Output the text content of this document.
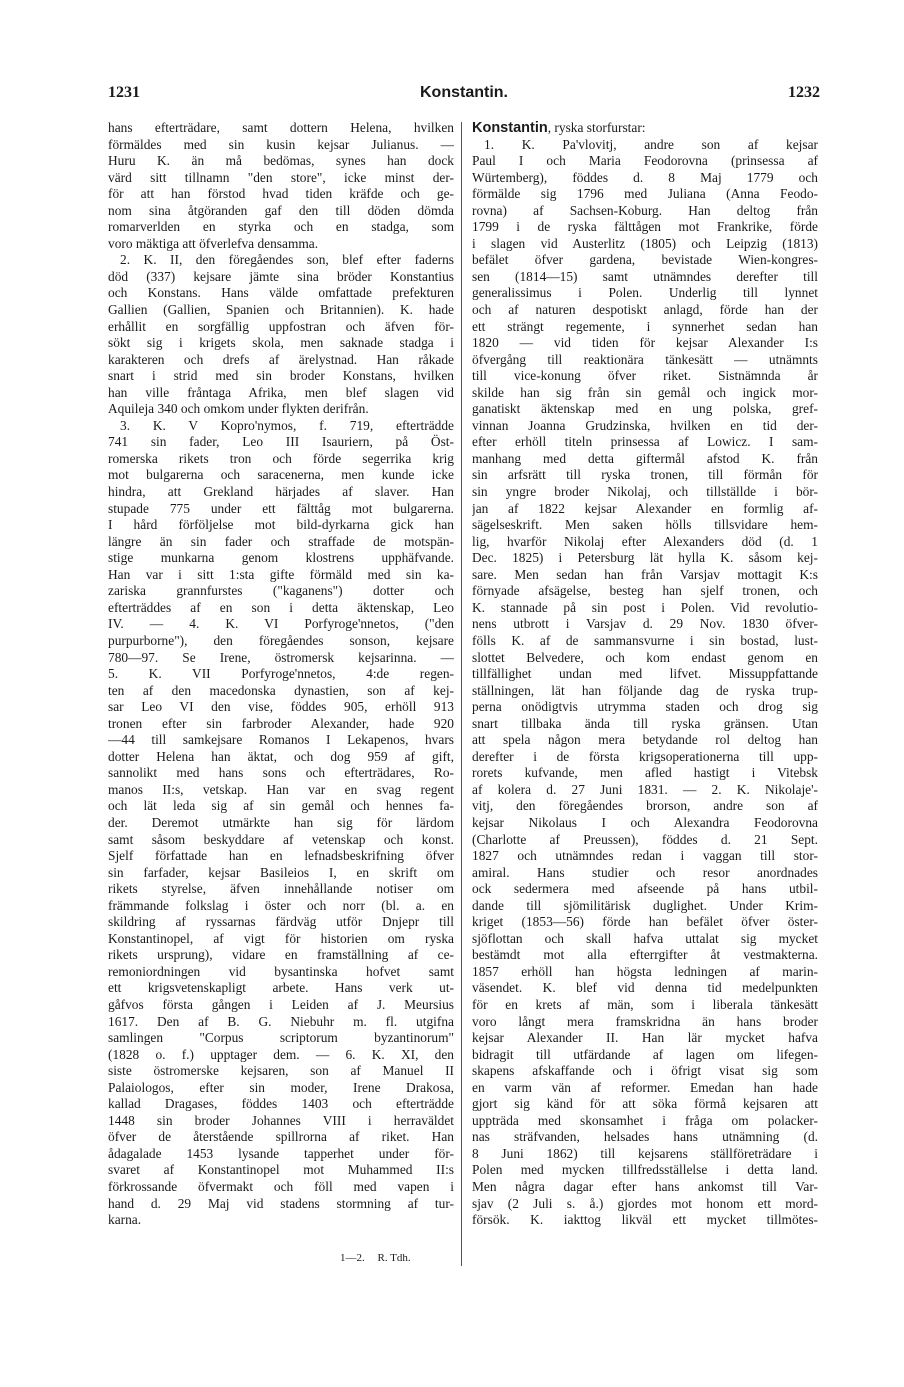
1231	Konstantin.	1232
hans efterträdare, samt dottern Helena, hvilken
förmäldes med sin kusin kejsar Julianus. —
Huru K. än må bedömas, synes han dock
värd sitt tillnamn "den store", icke minst der-
för att han förstod hvad tiden kräfde och ge-
nom sina åtgöranden gaf den till döden dömda
romarverlden en styrka och en stadga, som
voro mäktiga att öfverlefva densamma.
2. K. II, den föregåendes son, blef efter faderns
död (337) kejsare jämte sina bröder Konstantius
och Konstans. Hans välde omfattade prefekturen
Gallien (Gallien, Spanien och Britannien). K. hade
erhållit en sorgfällig uppfostran och äfven för-
sökt sig i krigets skola, men saknade stadga i
karakteren och drefs af ärelystnad. Han råkade
snart i strid med sin broder Konstans, hvilken
han ville fråntaga Afrika, men blef slagen vid
Aquileja 340 och omkom under flykten derifrån.
3. K. V Kopro'nymos, f. 719, efterträdde
741 sin fader, Leo III Isauriern, på Öst-
romerska rikets tron och förde segerrika krig
mot bulgarerna och saracenerna, men kunde icke
hindra, att Grekland härjades af slaver. Han
stupade 775 under ett fälttåg mot bulgarerna.
I hård förföljelse mot bild-dyrkarna gick han
längre än sin fader och straffade de motspän-
stige munkarna genom klostrens upphäfvande.
Han var i sitt 1:sta gifte förmäld med sin ka-
zariska grannfurstes ("kaganens") dotter och
efterträddes af en son i detta äktenskap, Leo
IV. — 4. K. VI Porfyroge'nnetos, ("den
purpurborne"), den föregåendes sonson, kejsare
780—97. Se Irene, östromersk kejsarinna. —
5. K. VII Porfyroge'nnetos, 4:de regen-
ten af den macedonska dynastien, son af kej-
sar Leo VI den vise, föddes 905, erhöll 913
tronen efter sin farbroder Alexander, hade 920
—44 till samkejsare Romanos I Lekapenos, hvars
dotter Helena han äktat, och dog 959 af gift,
sannolikt med hans sons och efterträdares, Ro-
manos II:s, vetskap. Han var en svag regent
och lät leda sig af sin gemål och hennes fa-
der. Deremot utmärkte han sig för lärdom
samt såsom beskyddare af vetenskap och konst.
Sjelf författade han en lefnadsbeskrifning öfver
sin farfader, kejsar Basileios I, en skrift om
rikets styrelse, äfven innehållande notiser om
främmande folkslag i öster och norr (bl. a. en
skildring af ryssarnas färdväg utför Dnjepr till
Konstantinopel, af vigt för historien om ryska
rikets ursprung), vidare en framställning af ce-
remoniordningen vid bysantinska hofvet samt
ett krigsvetenskapligt arbete. Hans verk ut-
gåfvos första gången i Leiden af J. Meursius
1617. Den af B. G. Niebuhr m. fl. utgifna
samlingen "Corpus scriptorum byzantinorum"
(1828 o. f.) upptager dem. — 6. K. XI, den
siste östromerske kejsaren, son af Manuel II
Palaiologos, efter sin moder, Irene Drakosa,
kallad Dragases, föddes 1403 och efterträdde
1448 sin broder Johannes VIII i herraväldet
öfver de återstående spillrorna af riket. Han
ådagalade 1453 lysande tapperhet under för-
svaret af Konstantinopel mot Muhammed II:s
förkrossande öfvermakt och föll med vapen i
hand d. 29 Maj vid stadens stormning af tur-
karna.
Konstantin, ryska storfurstar:
1. K. Pa'vlovitj, andre son af kejsar
Paul I och Maria Feodorovna (prinsessa af
Würtemberg), föddes d. 8 Maj 1779 och
förmälde sig 1796 med Juliana (Anna Feodo-
rovna) af Sachsen-Koburg. Han deltog från
1799 i de ryska fälttågen mot Frankrike, förde
i slagen vid Austerlitz (1805) och Leipzig (1813)
befälet öfver gardena, bevistade Wien-kongres-
sen (1814—15) samt utnämndes derefter till
generalissimus i Polen. Underlig till lynnet
och af naturen despotiskt anlagd, förde han der
ett strängt regemente, i synnerhet sedan han
1820 — vid tiden för kejsar Alexander I:s
öfvergång till reaktionära tänkesätt — utnämnts
till vice-konung öfver riket. Sistnämnda år
skilde han sig från sin gemål och ingick mor-
ganatiskt äktenskap med en ung polska, gref-
vinnan Joanna Grudzinska, hvilken en tid der-
efter erhöll titeln prinsessa af Lowicz. I sam-
manhang med detta giftermål afstod K. från
sin arfsrätt till ryska tronen, till förmån för
sin yngre broder Nikolaj, och tillställde i bör-
jan af 1822 kejsar Alexander en formlig af-
sägelseskrift. Men saken hölls tillsvidare hem-
lig, hvarför Nikolaj efter Alexanders död (d. 1
Dec. 1825) i Petersburg lät hylla K. såsom kej-
sare. Men sedan han från Varsjav mottagit K:s
förnyade afsägelse, besteg han sjelf tronen, och
K. stannade på sin post i Polen. Vid revolutio-
nens utbrott i Varsjav d. 29 Nov. 1830 öfver-
fölls K. af de sammansvurne i sin bostad, lust-
slottet Belvedere, och kom endast genom en
tillfällighet undan med lifvet. Missuppfattande
ställningen, lät han följande dag de ryska trup-
perna onödigtvis utrymma staden och drog sig
snart tillbaka ända till ryska gränsen. Utan
att spela någon mera betydande rol deltog han
derefter i de första krigsoperationerna till upp-
rorets kufvande, men afled hastigt i Vitebsk
af kolera d. 27 Juni 1831. — 2. K. Nikolaje'-
vitj, den föregåendes brorson, andre son af
kejsar Nikolaus I och Alexandra Feodorovna
(Charlotte af Preussen), föddes d. 21 Sept.
1827 och utnämndes redan i vaggan till stor-
amiral. Hans studier och resor anordnades
ock sedermera med afseende på hans utbil-
dande till sjömilitärisk duglighet. Under Krim-
kriget (1853—56) förde han befälet öfver öster-
sjöflottan och skall hafva uttalat sig mycket
bestämdt mot alla efterrgifter åt vestmakterna.
1857 erhöll han högsta ledningen af marin-
väsendet. K. blef vid denna tid medelpunkten
för en krets af män, som i liberala tänkesätt
voro långt mera framskridna än hans broder
kejsar Alexander II. Han lär mycket hafva
bidragit till utfärdande af lagen om lifegen-
skapens afskaffande och i öfrigt visat sig som
en varm vän af reformer. Emedan han hade
gjort sig känd för att söka förmå kejsaren att
uppträda med skonsamhet i fråga om polacker-
nas sträfvanden, helsades hans utnämning (d.
8 Juni 1862) till kejsarens ställföreträdare i
Polen med mycken tillfredsställelse i detta land.
Men några dagar efter hans ankomst till Var-
sjav (2 Juli s. å.) gjordes mot honom ett mord-
försök. K. iakttog likväl ett mycket tillmötes-
1—2. R. Tdh.
